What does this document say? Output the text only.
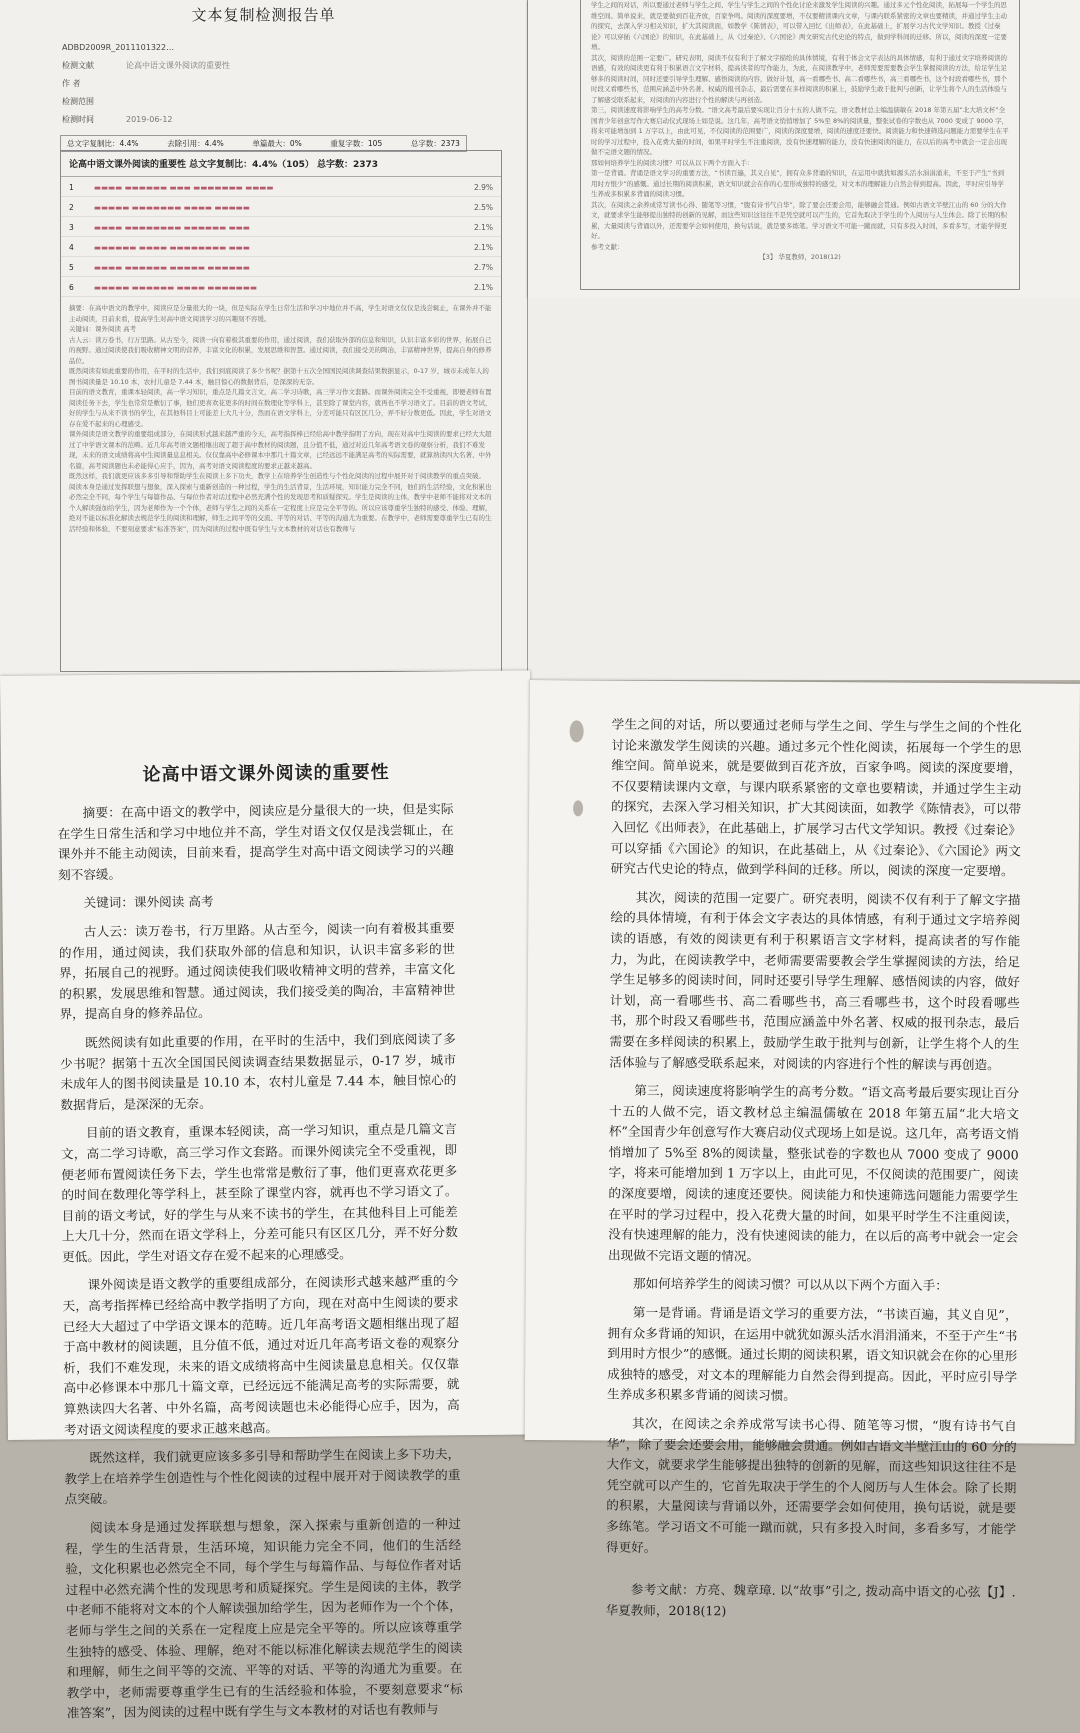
文本复制检测报告单
ADBD2009R_2011101322…
检测文献	论高中语文课外阅读的重要性
作 者
检测范围
检测时间	2019-06-12
总文字复制比：4.4%	去除引用：4.4%	单篇最大：0%	重复字数：105	总字数：2373
论高中语文课外阅读的重要性 总文字复制比：4.4%（105） 总字数：2373
1	▬▬▬▬ ▬▬▬▬▬▬ ▬▬▬ ▬▬▬▬▬▬▬ ▬▬▬▬	2.9%
2	▬▬▬▬▬ ▬▬▬▬▬▬▬ ▬▬▬▬ ▬▬▬▬▬	2.5%
3	▬▬▬▬ ▬▬▬▬▬▬▬▬ ▬▬▬▬▬▬ ▬▬▬	2.1%
4	▬▬▬▬▬▬ ▬▬▬▬ ▬▬▬▬▬▬▬▬ ▬▬▬	2.1%
5	▬▬▬▬ ▬▬▬▬▬▬ ▬▬▬▬▬ ▬▬▬▬▬▬	2.7%
6	▬▬▬▬▬ ▬▬▬▬▬▬ ▬▬▬▬ ▬▬▬▬▬▬▬	2.1%
摘要：在高中语文的教学中，阅读应是分量很大的一块，但是实际在学生日常生活和学习中地位并不高，学生对语文仅仅是浅尝辄止，在课外并不能主动阅读，目前来看，提高学生对高中语文阅读学习的兴趣刻不容缓。
关键词：课外阅读 高考
古人云：读万卷书，行万里路。从古至今，阅读一向有着极其重要的作用，通过阅读，我们获取外部的信息和知识，认识丰富多彩的世界，拓展自己的视野。通过阅读使我们吸收精神文明的营养，丰富文化的积累，发展思维和智慧。通过阅读，我们接受美的陶冶，丰富精神世界，提高自身的修养品位。
既然阅读有如此重要的作用，在平时的生活中，我们到底阅读了多少书呢？据第十五次全国国民阅读调查结果数据显示，0-17 岁，城市未成年人的图书阅读量是 10.10 本，农村儿童是 7.44 本，触目惊心的数据背后，是深深的无奈。
目前的语文教育，重课本轻阅读，高一学习知识，重点是几篇文言文，高二学习诗歌，高三学习作文套路。而课外阅读完全不受重视，即便老师布置阅读任务下去，学生也常常是敷衍了事，他们更喜欢花更多的时间在数理化等学科上，甚至除了课堂内容，就再也不学习语文了。目前的语文考试，好的学生与从来不读书的学生，在其他科目上可能差上大几十分，然而在语文学科上，分差可能只有区区几分，弄不好分数更低。因此，学生对语文存在爱不起来的心理感受。
课外阅读是语文教学的重要组成部分，在阅读形式越来越严重的今天，高考指挥棒已经给高中教学指明了方向，现在对高中生阅读的要求已经大大超过了中学语文课本的范畴。近几年高考语文题相继出现了超于高中教材的阅读题，且分值不低，通过对近几年高考语文卷的观察分析，我们不难发现，未来的语文成绩将高中生阅读量息息相关。仅仅靠高中必修课本中那几十篇文章，已经远远不能满足高考的实际需要，就算熟读四大名著、中外名篇，高考阅读题也未必能得心应手，因为，高考对语文阅读程度的要求正越来越高。
既然这样，我们就更应该多多引导和帮助学生在阅读上多下功夫，教学上在培养学生创造性与个性化阅读的过程中展开对于阅读教学的重点突破。
阅读本身是通过发挥联想与想象，深入探索与重新创造的一种过程，学生的生活背景，生活环境，知识能力完全不同，他们的生活经验，文化积累也必然完全不同，每个学生与每篇作品、与每位作者对话过程中必然充满个性的发现思考和质疑探究。学生是阅读的主体，教学中老师不能将对文本的个人解读强加给学生，因为老师作为一个个体，老师与学生之间的关系在一定程度上应是完全平等的。所以应该尊重学生独特的感受、体验、理解，绝对不能以标准化解读去规范学生的阅读和理解，师生之间平等的交流、平等的对话、平等的沟通尤为重要。在教学中，老师需要尊重学生已有的生活经验和体验，不要刻意要求“标准答案”，因为阅读的过程中既有学生与文本教材的对话也有教师与
学生之间的对话，所以要通过老师与学生之间、学生与学生之间的个性化讨论来激发学生阅读的兴趣。通过多元个性化阅读，拓展每一个学生的思维空间。简单说来，就是要做到百花齐放，百家争鸣。阅读的深度要增，不仅要精读课内文章，与课内联系紧密的文章也要精读，并通过学生主动的探究，去深入学习相关知识，扩大其阅读面，如教学《陈情表》，可以带入回忆《出师表》，在此基础上，扩展学习古代文学知识。教授《过秦论》可以穿插《六国论》的知识，在此基础上，从《过秦论》、《六国论》两文研究古代史论的特点，做到学科间的迁移。所以，阅读的深度一定要增。
其次，阅读的范围一定要广。研究表明，阅读不仅有利于了解文字描绘的具体情境，有利于体会文字表达的具体情感，有利于通过文字培养阅读的语感，有效的阅读更有利于积累语言文字材料，提高读者的写作能力，为此，在阅读教学中，老师需要需要教会学生掌握阅读的方法，给足学生足够多的阅读时间，同时还要引导学生理解、感悟阅读的内容，做好计划，高一看哪些书、高二看哪些书，高三看哪些书，这个时段看哪些书，那个时段又看哪些书，范围应涵盖中外名著、权威的报刊杂志，最后需要在多样阅读的积累上，鼓励学生敢于批判与创新，让学生将个人的生活体验与了解感受联系起来，对阅读的内容进行个性的解读与再创造。
第三，阅读速度将影响学生的高考分数。“语文高考最后要实现让百分十五的人做不完，语文教材总主编温儒敏在 2018 年第五届“北大培文杯”全国青少年创意写作大赛启动仪式现场上如是说。这几年，高考语文悄悄增加了 5%至 8%的阅读量，整张试卷的字数也从 7000 变成了 9000 字，将来可能增加到 1 万字以上，由此可见，不仅阅读的范围要广，阅读的深度要增，阅读的速度还要快。阅读能力和快速筛选问题能力需要学生在平时的学习过程中，投入花费大量的时间，如果平时学生不注重阅读，没有快速理解的能力，没有快速阅读的能力，在以后的高考中就会一定会出现做不完语文题的情况。
那如何培养学生的阅读习惯？可以从以下两个方面入手：
第一是背诵。背诵是语文学习的重要方法，“书读百遍，其义自见”，拥有众多背诵的知识，在运用中就犹如源头活水涓涓涌来，不至于产生“书到用时方恨少”的感慨。通过长期的阅读积累，语文知识就会在你的心里形成独特的感受，对文本的理解能力自然会得到提高。因此，平时应引导学生养成多积累多背诵的阅读习惯。
其次，在阅读之余养成常写读书心得、随笔等习惯，“腹有诗书气自华”，除了要会还要会用，能够融会贯通。例如古语文半壁江山的 60 分的大作文，就要求学生能够提出独特的创新的见解，而这些知识这往往不是凭空就可以产生的，它首先取决于学生的个人阅历与人生体会。除了长期的积累，大量阅读与背诵以外，还需要学会如何使用，换句话说，就是要多练笔。学习语文不可能一蹴而就，只有多投入时间，多看多写，才能学得更好。
参考文献：
【3】 华夏教师，2018(12)
论高中语文课外阅读的重要性

摘要：在高中语文的教学中，阅读应是分量很大的一块，但是实际在学生日常生活和学习中地位并不高，学生对语文仅仅是浅尝辄止，在课外并不能主动阅读，目前来看，提高学生对高中语文阅读学习的兴趣刻不容缓。

关键词：课外阅读 高考

古人云：读万卷书，行万里路。从古至今，阅读一向有着极其重要的作用，通过阅读，我们获取外部的信息和知识，认识丰富多彩的世界，拓展自己的视野。通过阅读使我们吸收精神文明的营养，丰富文化的积累，发展思维和智慧。通过阅读，我们接受美的陶冶，丰富精神世界，提高自身的修养品位。

既然阅读有如此重要的作用，在平时的生活中，我们到底阅读了多少书呢？据第十五次全国国民阅读调查结果数据显示，0-17 岁，城市未成年人的图书阅读量是 10.10 本，农村儿童是 7.44 本，触目惊心的数据背后，是深深的无奈。

目前的语文教育，重课本轻阅读，高一学习知识，重点是几篇文言文，高二学习诗歌，高三学习作文套路。而课外阅读完全不受重视，即便老师布置阅读任务下去，学生也常常是敷衍了事，他们更喜欢花更多的时间在数理化等学科上，甚至除了课堂内容，就再也不学习语文了。目前的语文考试，好的学生与从来不读书的学生，在其他科目上可能差上大几十分，然而在语文学科上，分差可能只有区区几分，弄不好分数更低。因此，学生对语文存在爱不起来的心理感受。

课外阅读是语文教学的重要组成部分，在阅读形式越来越严重的今天，高考指挥棒已经给高中教学指明了方向，现在对高中生阅读的要求已经大大超过了中学语文课本的范畴。近几年高考语文题相继出现了超于高中教材的阅读题，且分值不低，通过对近几年高考语文卷的观察分析，我们不难发现，未来的语文成绩将高中生阅读量息息相关。仅仅靠高中必修课本中那几十篇文章，已经远远不能满足高考的实际需要，就算熟读四大名著、中外名篇，高考阅读题也未必能得心应手，因为，高考对语文阅读程度的要求正越来越高。

既然这样，我们就更应该多多引导和帮助学生在阅读上多下功夫，教学上在培养学生创造性与个性化阅读的过程中展开对于阅读教学的重点突破。

阅读本身是通过发挥联想与想象，深入探索与重新创造的一种过程，学生的生活背景，生活环境，知识能力完全不同，他们的生活经验，文化积累也必然完全不同，每个学生与每篇作品、与每位作者对话过程中必然充满个性的发现思考和质疑探究。学生是阅读的主体，教学中老师不能将对文本的个人解读强加给学生，因为老师作为一个个体，老师与学生之间的关系在一定程度上应是完全平等的。所以应该尊重学生独特的感受、体验、理解，绝对不能以标准化解读去规范学生的阅读和理解，师生之间平等的交流、平等的对话、平等的沟通尤为重要。在教学中，老师需要尊重学生已有的生活经验和体验，不要刻意要求“标准答案”，因为阅读的过程中既有学生与文本教材的对话也有教师与

学生之间的对话，所以要通过老师与学生之间、学生与学生之间的个性化讨论来激发学生阅读的兴趣。通过多元个性化阅读，拓展每一个学生的思维空间。简单说来，就是要做到百花齐放，百家争鸣。阅读的深度要增，不仅要精读课内文章，与课内联系紧密的文章也要精读，并通过学生主动的探究，去深入学习相关知识，扩大其阅读面，如教学《陈情表》，可以带入回忆《出师表》，在此基础上，扩展学习古代文学知识。教授《过秦论》可以穿插《六国论》的知识，在此基础上，从《过秦论》、《六国论》两文研究古代史论的特点，做到学科间的迁移。所以，阅读的深度一定要增。

其次，阅读的范围一定要广。研究表明，阅读不仅有利于了解文字描绘的具体情境，有利于体会文字表达的具体情感，有利于通过文字培养阅读的语感，有效的阅读更有利于积累语言文字材料，提高读者的写作能力，为此，在阅读教学中，老师需要需要教会学生掌握阅读的方法，给足学生足够多的阅读时间，同时还要引导学生理解、感悟阅读的内容，做好计划，高一看哪些书、高二看哪些书，高三看哪些书，这个时段看哪些书，那个时段又看哪些书，范围应涵盖中外名著、权威的报刊杂志，最后需要在多样阅读的积累上，鼓励学生敢于批判与创新，让学生将个人的生活体验与了解感受联系起来，对阅读的内容进行个性的解读与再创造。

第三，阅读速度将影响学生的高考分数。“语文高考最后要实现让百分十五的人做不完，语文教材总主编温儒敏在 2018 年第五届“北大培文杯”全国青少年创意写作大赛启动仪式现场上如是说。这几年，高考语文悄悄增加了 5%至 8%的阅读量，整张试卷的字数也从 7000 变成了 9000 字，将来可能增加到 1 万字以上，由此可见，不仅阅读的范围要广，阅读的深度要增，阅读的速度还要快。阅读能力和快速筛选问题能力需要学生在平时的学习过程中，投入花费大量的时间，如果平时学生不注重阅读，没有快速理解的能力，没有快速阅读的能力，在以后的高考中就会一定会出现做不完语文题的情况。

那如何培养学生的阅读习惯？可以从以下两个方面入手：

第一是背诵。背诵是语文学习的重要方法，“书读百遍，其义自见”，拥有众多背诵的知识，在运用中就犹如源头活水涓涓涌来，不至于产生“书到用时方恨少”的感慨。通过长期的阅读积累，语文知识就会在你的心里形成独特的感受，对文本的理解能力自然会得到提高。因此，平时应引导学生养成多积累多背诵的阅读习惯。

其次，在阅读之余养成常写读书心得、随笔等习惯，“腹有诗书气自华”，除了要会还要会用，能够融会贯通。例如古语文半壁江山的 60 分的大作文，就要求学生能够提出独特的创新的见解，而这些知识这往往不是凭空就可以产生的，它首先取决于学生的个人阅历与人生体会。除了长期的积累，大量阅读与背诵以外，还需要学会如何使用，换句话说，就是要多练笔。学习语文不可能一蹴而就，只有多投入时间，多看多写，才能学得更好。

参考文献：方亮、魏章璋. 以“故事”引之, 拨动高中语文的心弦【J】. 华夏教师，2018(12)
